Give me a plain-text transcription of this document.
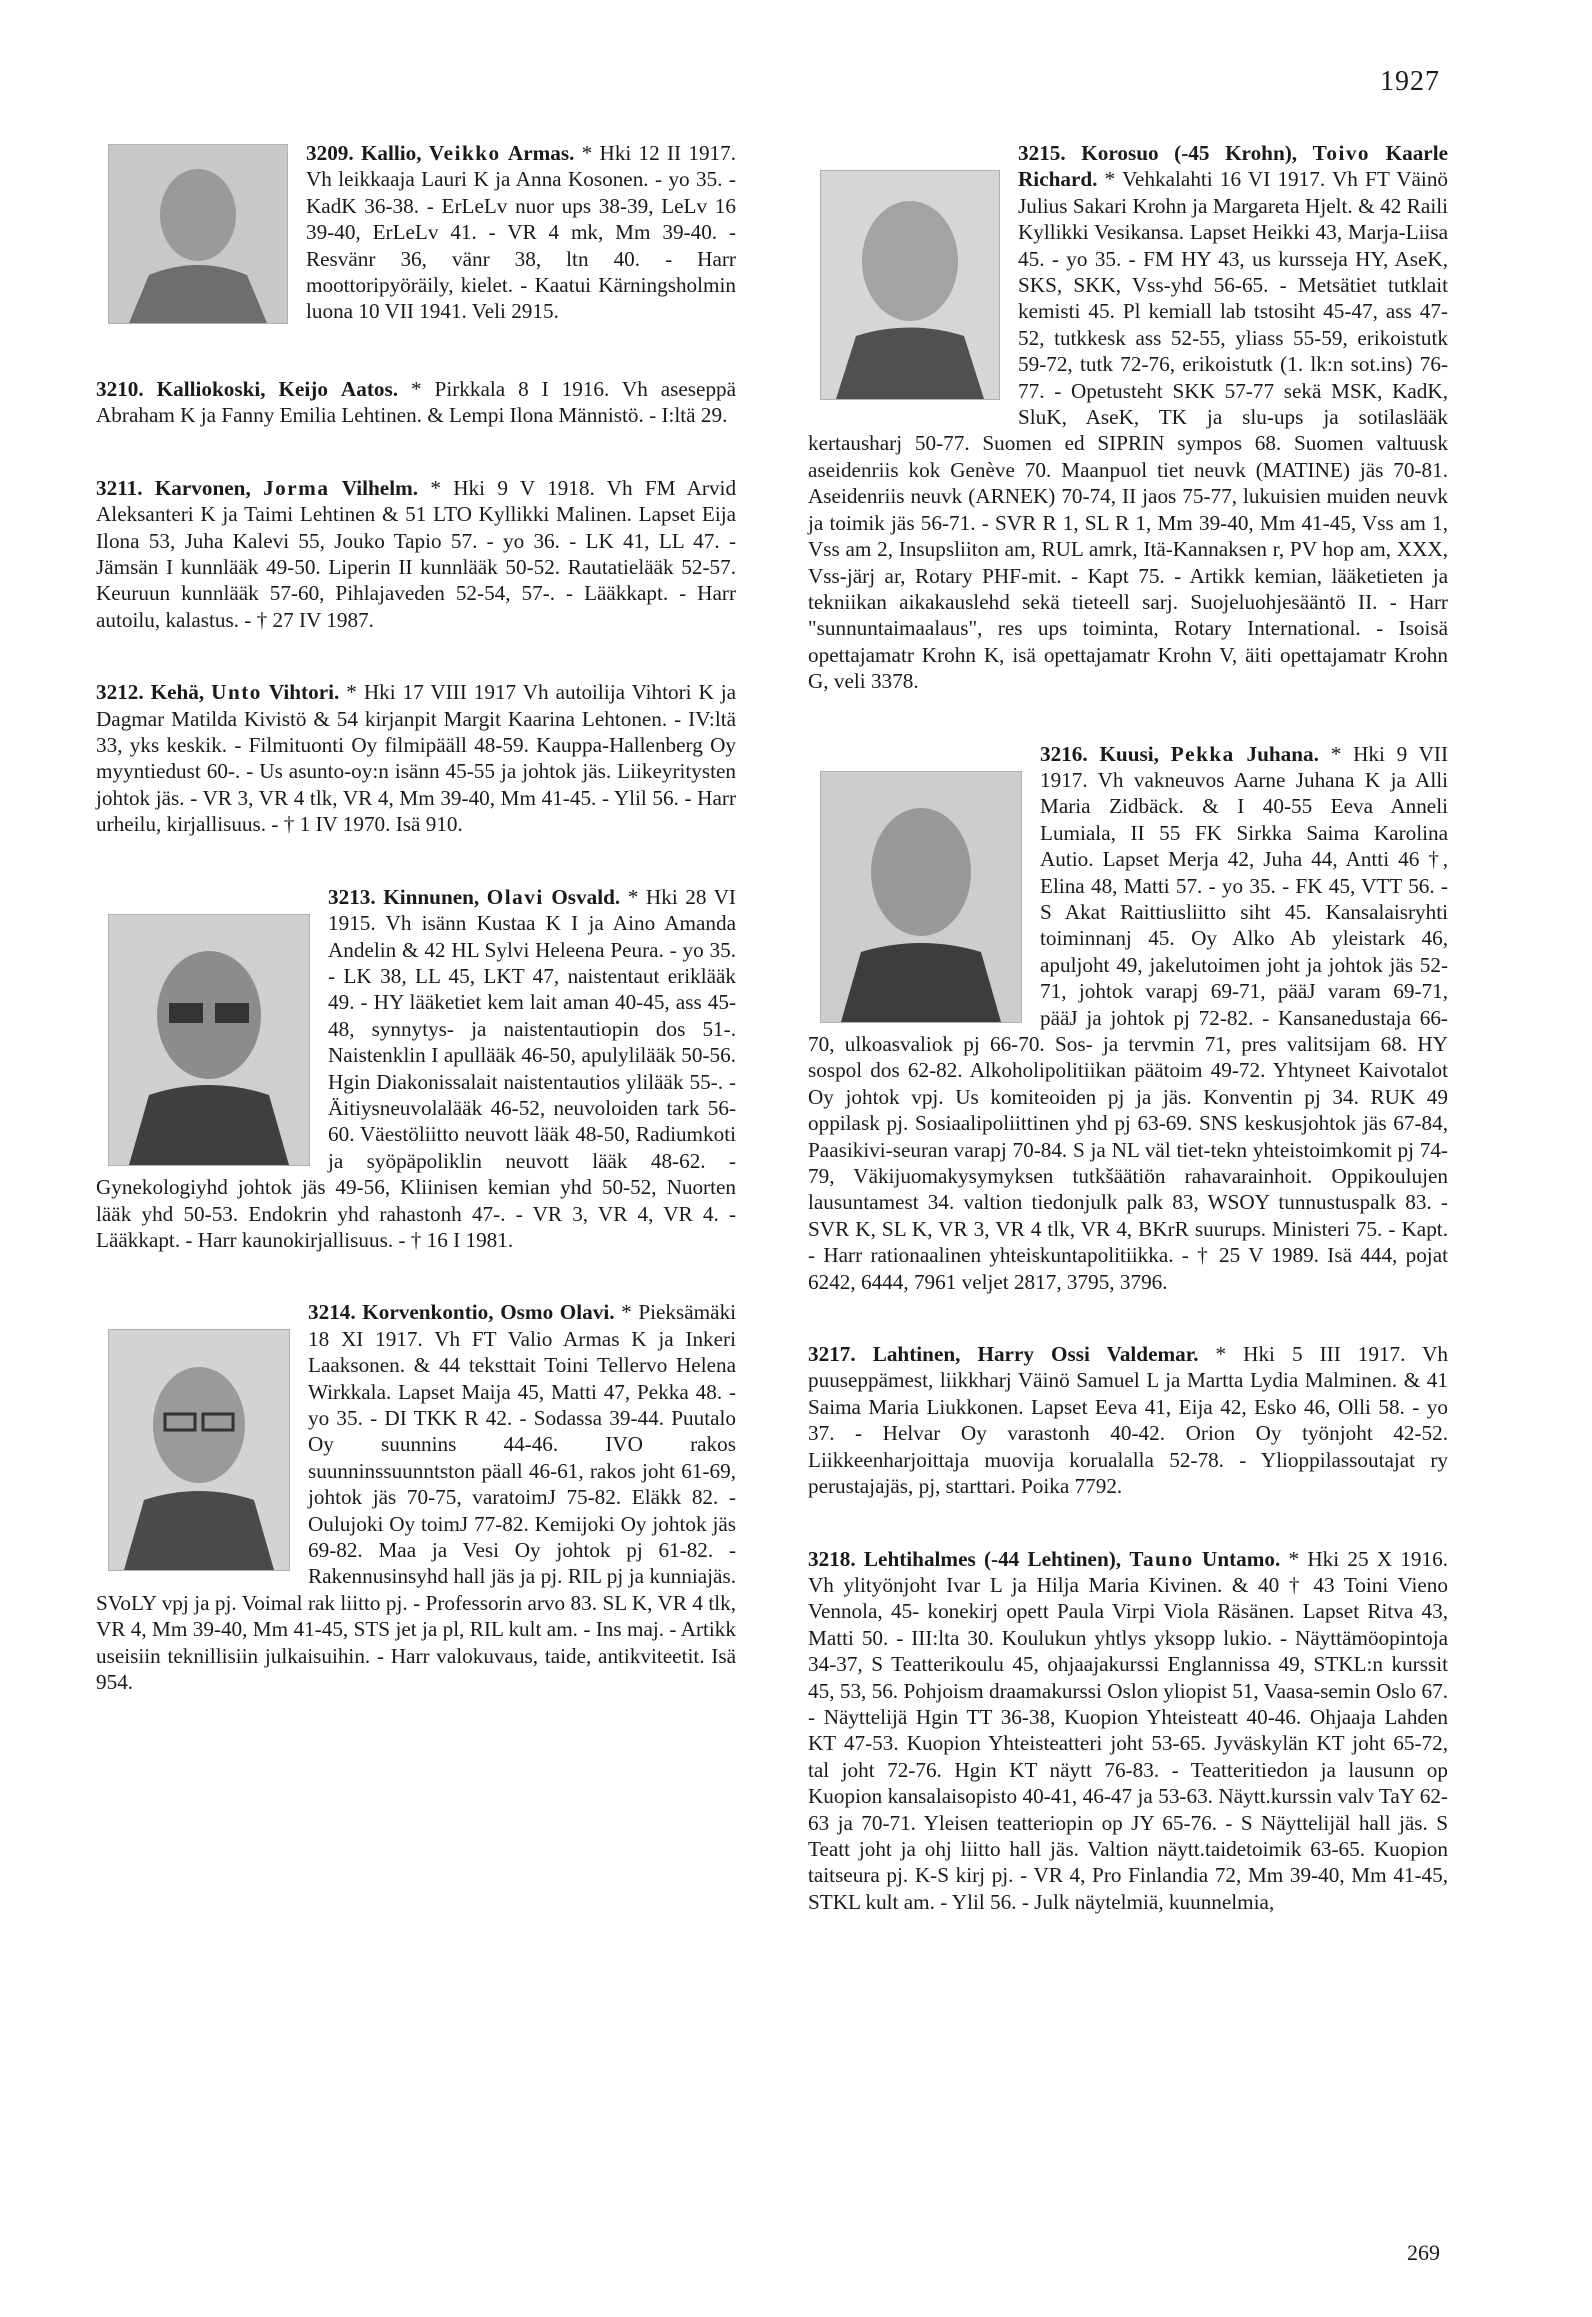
1927

3209. Kallio, Veikko Armas. * Hki 12 II 1917. Vh leikkaaja Lauri K ja Anna Kosonen. - yo 35. - KadK 36-38. - ErLeLv nuor ups 38-39, LeLv 16 39-40, ErLeLv 41. - VR 4 mk, Mm 39-40. - Resvänr 36, vänr 38, ltn 40. - Harr moottoripyöräily, kielet. - Kaatui Kärningsholmin luona 10 VII 1941. Veli 2915.

3210. Kalliokoski, Keijo Aatos. * Pirkkala 8 I 1916. Vh aseseppä Abraham K ja Fanny Emilia Lehtinen. & Lempi Ilona Männistö. - I:ltä 29.

3211. Karvonen, Jorma Vilhelm. * Hki 9 V 1918. Vh FM Arvid Aleksanteri K ja Taimi Lehtinen & 51 LTO Kyllikki Malinen. Lapset Eija Ilona 53, Juha Kalevi 55, Jouko Tapio 57. - yo 36. - LK 41, LL 47. - Jämsän I kunnlääk 49-50. Liperin II kunnlääk 50-52. Rautatielääk 52-57. Keuruun kunnlääk 57-60, Pihlajaveden 52-54, 57-. - Lääkkapt. - Harr autoilu, kalastus. - † 27 IV 1987.

3212. Kehä, Unto Vihtori. * Hki 17 VIII 1917 Vh autoilija Vihtori K ja Dagmar Matilda Kivistö & 54 kirjanpit Margit Kaarina Lehtonen. - IV:ltä 33, yks keskik. - Filmituonti Oy filmipääll 48-59. Kauppa-Hallenberg Oy myyntiedust 60-. - Us asunto-oy:n isänn 45-55 ja johtok jäs. Liikeyritysten johtok jäs. - VR 3, VR 4 tlk, VR 4, Mm 39-40, Mm 41-45. - Ylil 56. - Harr urheilu, kirjallisuus. - † 1 IV 1970. Isä 910.

3213. Kinnunen, Olavi Osvald. * Hki 28 VI 1915. Vh isänn Kustaa K I ja Aino Amanda Andelin & 42 HL Sylvi Heleena Peura. - yo 35. - LK 38, LL 45, LKT 47, naistentaut eriklääk 49. - HY lääketiet kem lait aman 40-45, ass 45-48, synnytys- ja naistentautiopin dos 51-. Naistenklin I apullääk 46-50, apulylilääk 50-56. Hgin Diakonissalait naistentautios ylilääk 55-. - Äitiysneuvolalääk 46-52, neuvoloiden tark 56-60. Väestöliitto neuvott lääk 48-50, Radiumkoti ja syöpäpoliklin neuvott lääk 48-62. - Gynekologiyhd johtok jäs 49-56, Kliinisen kemian yhd 50-52, Nuorten lääk yhd 50-53. Endokrin yhd rahastonh 47-. - VR 3, VR 4, VR 4. - Lääkkapt. - Harr kaunokirjallisuus. - † 16 I 1981.

3214. Korvenkontio, Osmo Olavi. * Pieksämäki 18 XI 1917. Vh FT Valio Armas K ja Inkeri Laaksonen. & 44 teksttait Toini Tellervo Helena Wirkkala. Lapset Maija 45, Matti 47, Pekka 48. - yo 35. - DI TKK R 42. - Sodassa 39-44. Puutalo Oy suunnins 44-46. IVO rakos suunninssuunntston päall 46-61, rakos joht 61-69, johtok jäs 70-75, varatoimJ 75-82. Eläkk 82. - Oulujoki Oy toimJ 77-82. Kemijoki Oy johtok jäs 69-82. Maa ja Vesi Oy johtok pj 61-82. - Rakennusinsyhd hall jäs ja pj. RIL pj ja kunniajäs. SVoLY vpj ja pj. Voimal rak liitto pj. - Professorin arvo 83. SL K, VR 4 tlk, VR 4, Mm 39-40, Mm 41-45, STS jet ja pl, RIL kult am. - Ins maj. - Artikk useisiin teknillisiin julkaisuihin. - Harr valokuvaus, taide, antikviteetit. Isä 954.

3215. Korosuo (-45 Krohn), Toivo Kaarle Richard. * Vehkalahti 16 VI 1917. Vh FT Väinö Julius Sakari Krohn ja Margareta Hjelt. & 42 Raili Kyllikki Vesikansa. Lapset Heikki 43, Marja-Liisa 45. - yo 35. - FM HY 43, us kursseja HY, AseK, SKS, SKK, Vss-yhd 56-65. - Metsätiet tutklait kemisti 45. Pl kemiall lab tstosiht 45-47, ass 47-52, tutkkesk ass 52-55, yliass 55-59, erikoistutk 59-72, tutk 72-76, erikoistutk (1. lk:n sot.ins) 76-77. - Opetusteht SKK 57-77 sekä MSK, KadK, SluK, AseK, TK ja slu-ups ja sotilaslääk kertausharj 50-77. Suomen ed SIPRIN sympos 68. Suomen valtuusk aseidenriis kok Genève 70. Maanpuol tiet neuvk (MATINE) jäs 70-81. Aseidenriis neuvk (ARNEK) 70-74, II jaos 75-77, lukuisien muiden neuvk ja toimik jäs 56-71. - SVR R 1, SL R 1, Mm 39-40, Mm 41-45, Vss am 1, Vss am 2, Insupsliiton am, RUL amrk, Itä-Kannaksen r, PV hop am, XXX, Vss-järj ar, Rotary PHF-mit. - Kapt 75. - Artikk kemian, lääketieten ja tekniikan aikakauslehd sekä tieteell sarj. Suojeluohjesääntö II. - Harr "sunnuntaimaalaus", res ups toiminta, Rotary International. - Isoisä opettajamatr Krohn K, isä opettajamatr Krohn V, äiti opettajamatr Krohn G, veli 3378.

3216. Kuusi, Pekka Juhana. * Hki 9 VII 1917. Vh vakneuvos Aarne Juhana K ja Alli Maria Zidbäck. & I 40-55 Eeva Anneli Lumiala, II 55 FK Sirkka Saima Karolina Autio. Lapset Merja 42, Juha 44, Antti 46 †, Elina 48, Matti 57. - yo 35. - FK 45, VTT 56. - S Akat Raittiusliitto siht 45. Kansalaisryhti toiminnanj 45. Oy Alko Ab yleistark 46, apuljoht 49, jakelutoimen joht ja johtok jäs 52-71, johtok varapj 69-71, pääJ varam 69-71, pääJ ja johtok pj 72-82. - Kansanedustaja 66-70, ulkoasvaliok pj 66-70. Sos- ja tervmin 71, pres valitsijam 68. HY sospol dos 62-82. Alkoholipolitiikan päätoim 49-72. Yhtyneet Kaivotalot Oy johtok vpj. Us komiteoiden pj ja jäs. Konventin pj 34. RUK 49 oppilask pj. Sosiaalipoliittinen yhd pj 63-69. SNS keskusjohtok jäs 67-84, Paasikivi-seuran varapj 70-84. S ja NL väl tiet-tekn yhteistoimkomit pj 74-79, Väkijuomakysymyksen tutkšäätiön rahavarainhoit. Oppikoulujen lausuntamest 34. valtion tiedonjulk palk 83, WSOY tunnustuspalk 83. - SVR K, SL K, VR 3, VR 4 tlk, VR 4, BKrR suurups. Ministeri 75. - Kapt. - Harr rationaalinen yhteiskuntapolitiikka. - † 25 V 1989. Isä 444, pojat 6242, 6444, 7961 veljet 2817, 3795, 3796.

3217. Lahtinen, Harry Ossi Valdemar. * Hki 5 III 1917. Vh puuseppämest, liikkharj Väinö Samuel L ja Martta Lydia Malminen. & 41 Saima Maria Liukkonen. Lapset Eeva 41, Eija 42, Esko 46, Olli 58. - yo 37. - Helvar Oy varastonh 40-42. Orion Oy työnjoht 42-52. Liikkeenharjoittaja muovija korualalla 52-78. - Ylioppilassoutajat ry perustajajäs, pj, starttari. Poika 7792.

3218. Lehtihalmes (-44 Lehtinen), Tauno Untamo. * Hki 25 X 1916. Vh ylityönjoht Ivar L ja Hilja Maria Kivinen. & 40 † 43 Toini Vieno Vennola, 45- konekirj opett Paula Virpi Viola Räsänen. Lapset Ritva 43, Matti 50. - III:lta 30. Koulukun yhtlys yksopp lukio. - Näyttämöopintoja 34-37, S Teatterikoulu 45, ohjaajakurssi Englannissa 49, STKL:n kurssit 45, 53, 56. Pohjoism draamakurssi Oslon yliopist 51, Vaasa-semin Oslo 67. - Näyttelijä Hgin TT 36-38, Kuopion Yhteisteatt 40-46. Ohjaaja Lahden KT 47-53. Kuopion Yhteisteatteri joht 53-65. Jyväskylän KT joht 65-72, tal joht 72-76. Hgin KT näytt 76-83. - Teatteritiedon ja lausunn op Kuopion kansalaisopisto 40-41, 46-47 ja 53-63. Näytt.kurssin valv TaY 62-63 ja 70-71. Yleisen teatteriopin op JY 65-76. - S Näyttelijäl hall jäs. S Teatt joht ja ohj liitto hall jäs. Valtion näytt.taidetoimik 63-65. Kuopion taitseura pj. K-S kirj pj. - VR 4, Pro Finlandia 72, Mm 39-40, Mm 41-45, STKL kult am. - Ylil 56. - Julk näytelmiä, kuunnelmia,

269
